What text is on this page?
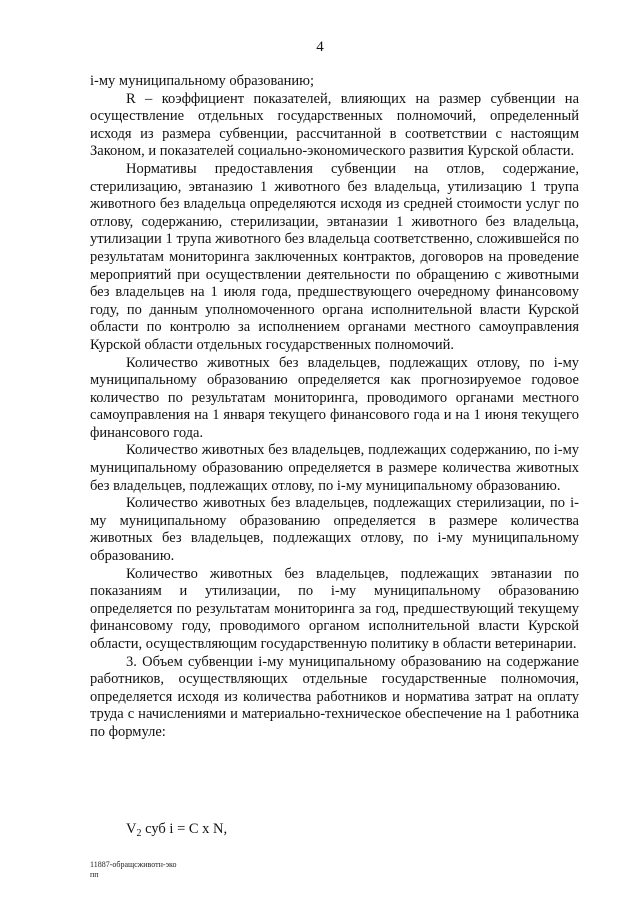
4

i-му муниципальному образованию;

R – коэффициент показателей, влияющих на размер субвенции на осуществление отдельных государственных полномочий, определенный исходя из размера субвенции, рассчитанной в соответствии с настоящим Законом, и показателей социально-экономического развития Курской области.

Нормативы предоставления субвенции на отлов, содержание, стерилизацию, эвтаназию 1 животного без владельца, утилизацию 1 трупа животного без владельца определяются исходя из средней стоимости услуг по отлову, содержанию, стерилизации, эвтаназии 1 животного без владельца, утилизации 1 трупа животного без владельца соответственно, сложившейся по результатам мониторинга заключенных контрактов, договоров на проведение мероприятий при осуществлении деятельности по обращению с животными без владельцев на 1 июля года, предшествующего очередному финансовому году, по данным уполномоченного органа исполнительной власти Курской области по контролю за исполнением органами местного самоуправления Курской области отдельных государственных полномочий.

Количество животных без владельцев, подлежащих отлову, по i-му муниципальному образованию определяется как прогнозируемое годовое количество по результатам мониторинга, проводимого органами местного самоуправления на 1 января текущего финансового года и на 1 июня текущего финансового года.

Количество животных без владельцев, подлежащих содержанию, по i-му муниципальному образованию определяется в размере количества животных без владельцев, подлежащих отлову, по i-му муниципальному образованию.

Количество животных без владельцев, подлежащих стерилизации, по i-му муниципальному образованию определяется в размере количества животных без владельцев, подлежащих отлову, по i-му муниципальному образованию.

Количество животных без владельцев, подлежащих эвтаназии по показаниям и утилизации, по i-му муниципальному образованию определяется по результатам мониторинга за год, предшествующий текущему финансовому году, проводимого органом исполнительной власти Курской области, осуществляющим государственную политику в области ветеринарии.

3. Объем субвенции i-му муниципальному образованию на содержание работников, осуществляющих отдельные государственные полномочия, определяется исходя из количества работников и норматива затрат на оплату труда с начислениями и материально-техническое обеспечение на 1 работника по формуле:

$V_2$ суб i = C x N,
11887-обращсживотн-эко
пп
